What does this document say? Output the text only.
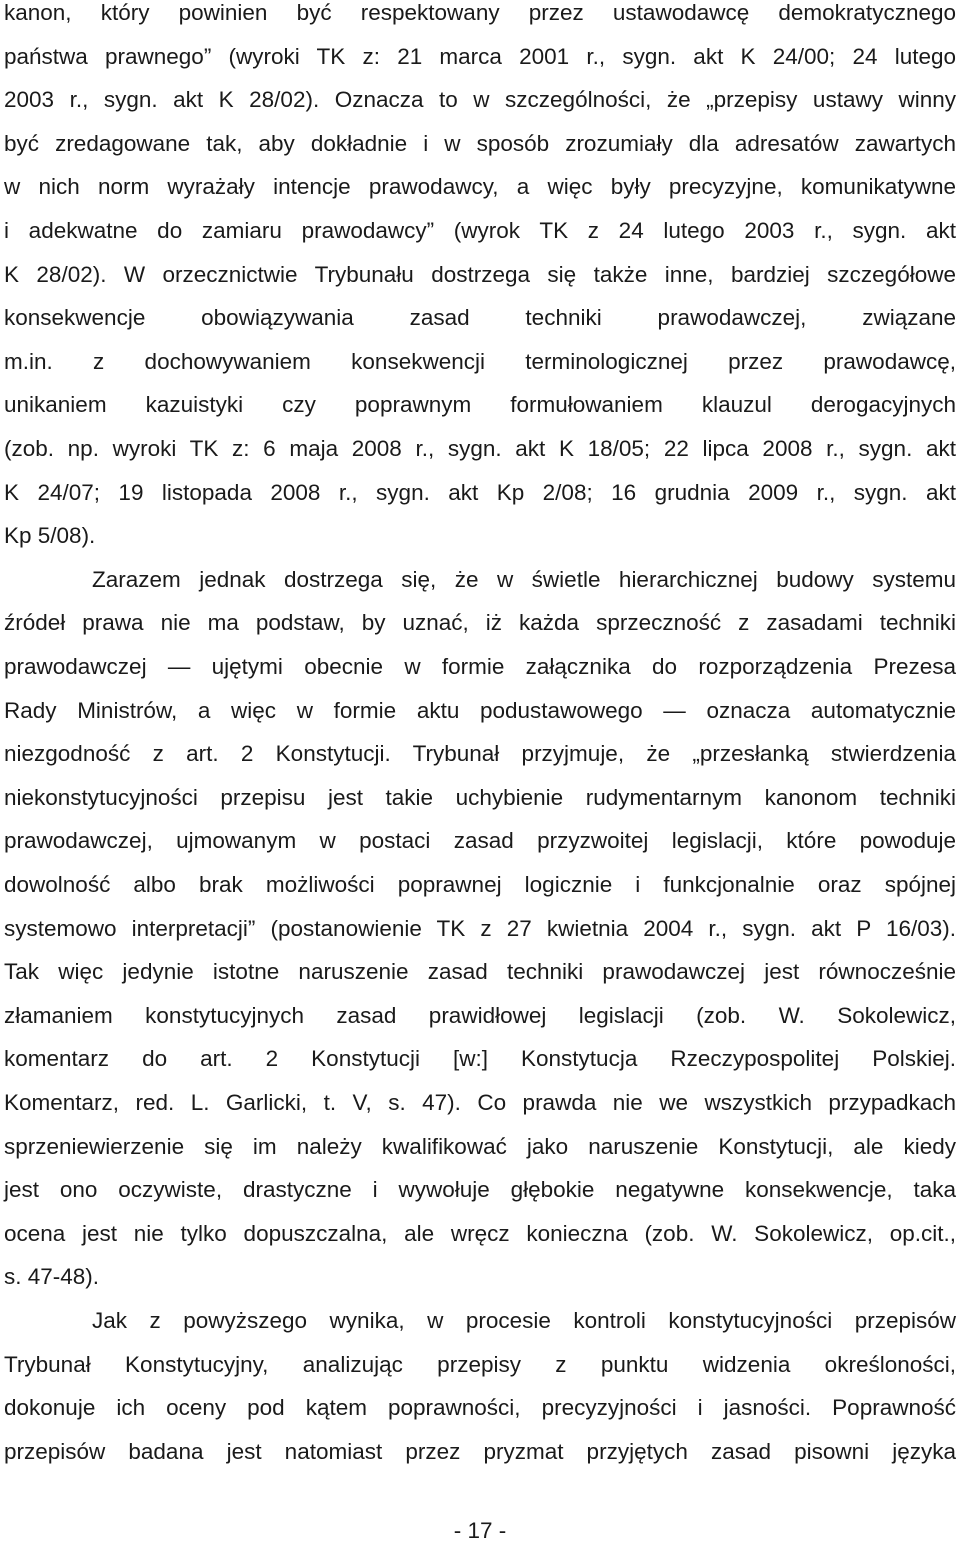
kanon, który powinien być respektowany przez ustawodawcę demokratycznego
państwa prawnego” (wyroki TK z: 21 marca 2001 r., sygn. akt K 24/00; 24 lutego
2003 r., sygn. akt K 28/02). Oznacza to w szczególności, że „przepisy ustawy winny
być zredagowane tak, aby dokładnie i w sposób zrozumiały dla adresatów zawartych
w nich norm wyrażały intencje prawodawcy, a więc były precyzyjne, komunikatywne
i adekwatne do zamiaru prawodawcy” (wyrok TK z 24 lutego 2003 r., sygn. akt
K 28/02). W orzecznictwie Trybunału dostrzega się także inne, bardziej szczegółowe
konsekwencje obowiązywania zasad techniki prawodawczej, związane
m.in. z dochowywaniem konsekwencji terminologicznej przez prawodawcę,
unikaniem kazuistyki czy poprawnym formułowaniem klauzul derogacyjnych
(zob. np. wyroki TK z: 6 maja 2008 r., sygn. akt K 18/05; 22 lipca 2008 r., sygn. akt
K 24/07; 19 listopada 2008 r., sygn. akt Kp 2/08; 16 grudnia 2009 r., sygn. akt
Kp 5/08).
Zarazem jednak dostrzega się, że w świetle hierarchicznej budowy systemu
źródeł prawa nie ma podstaw, by uznać, iż każda sprzeczność z zasadami techniki
prawodawczej — ujętymi obecnie w formie załącznika do rozporządzenia Prezesa
Rady Ministrów, a więc w formie aktu podustawowego — oznacza automatycznie
niezgodność z art. 2 Konstytucji. Trybunał przyjmuje, że „przesłanką stwierdzenia
niekonstytucyjności przepisu jest takie uchybienie rudymentarnym kanonom techniki
prawodawczej, ujmowanym w postaci zasad przyzwoitej legislacji, które powoduje
dowolność albo brak możliwości poprawnej logicznie i funkcjonalnie oraz spójnej
systemowo interpretacji” (postanowienie TK z 27 kwietnia 2004 r., sygn. akt P 16/03).
Tak więc jedynie istotne naruszenie zasad techniki prawodawczej jest równocześnie
złamaniem konstytucyjnych zasad prawidłowej legislacji (zob. W. Sokolewicz,
komentarz do art. 2 Konstytucji [w:] Konstytucja Rzeczypospolitej Polskiej.
Komentarz, red. L. Garlicki, t. V, s. 47). Co prawda nie we wszystkich przypadkach
sprzeniewierzenie się im należy kwalifikować jako naruszenie Konstytucji, ale kiedy
jest ono oczywiste, drastyczne i wywołuje głębokie negatywne konsekwencje, taka
ocena jest nie tylko dopuszczalna, ale wręcz konieczna (zob. W. Sokolewicz, op.cit.,
s. 47-48).
Jak z powyższego wynika, w procesie kontroli konstytucyjności przepisów
Trybunał Konstytucyjny, analizując przepisy z punktu widzenia określoności,
dokonuje ich oceny pod kątem poprawności, precyzyjności i jasności. Poprawność
przepisów badana jest natomiast przez pryzmat przyjętych zasad pisowni języka
- 17 -
